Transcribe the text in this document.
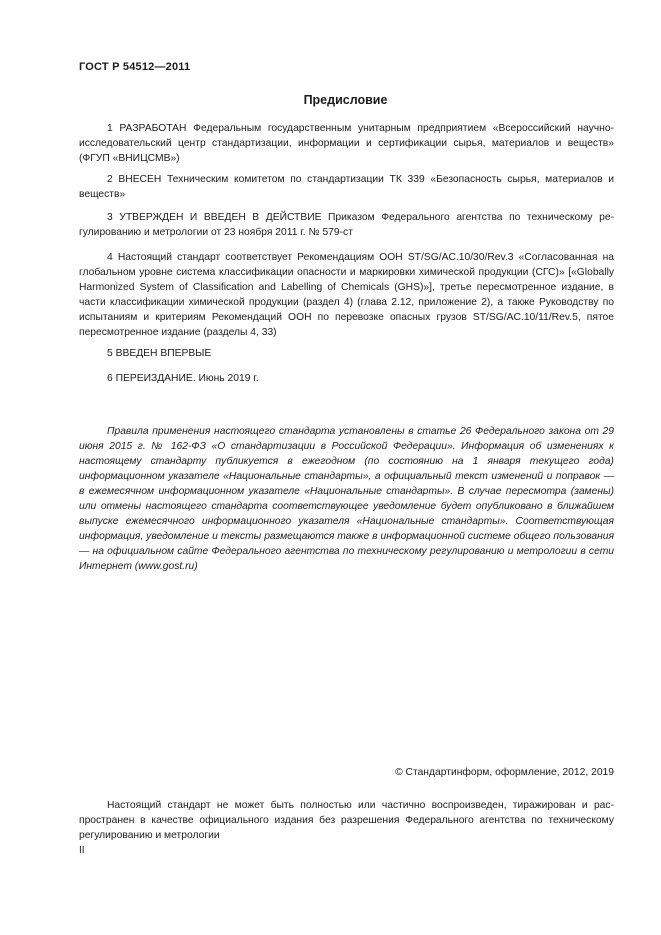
ГОСТ Р 54512—2011
Предисловие

1 РАЗРАБОТАН Федеральным государственным унитарным предприятием «Всероссийский научно-исследовательский центр стандартизации, информации и сертификации сырья, материалов и веществ» (ФГУП «ВНИЦСМВ»)

2 ВНЕСЕН Техническим комитетом по стандартизации ТК 339 «Безопасность сырья, материалов и веществ»

3 УТВЕРЖДЕН И ВВЕДЕН В ДЕЙСТВИЕ Приказом Федерального агентства по техническому регулированию и метрологии от 23 ноября 2011 г. № 579-ст

4 Настоящий стандарт соответствует Рекомендациям ООН ST/SG/AC.10/30/Rev.3 «Согласованная на глобальном уровне система классификации опасности и маркировки химической продукции (СГС)» [«Globally Harmonized System of Classification and Labelling of Chemicals (GHS)»], третье пересмотренное издание, в части классификации химической продукции (раздел 4) (глава 2.12, приложение 2), а также Руководству по испытаниям и критериям Рекомендаций ООН по перевозке опасных грузов ST/SG/AC.10/11/Rev.5, пятое пересмотренное издание (разделы 4, 33)

5 ВВЕДЕН ВПЕРВЫЕ

6 ПЕРЕИЗДАНИЕ. Июнь 2019 г.

Правила применения настоящего стандарта установлены в статье 26 Федерального закона от 29 июня 2015 г. № 162-ФЗ «О стандартизации в Российской Федерации». Информация об изменениях к настоящему стандарту публикуется в ежегодном (по состоянию на 1 января текущего года) информационном указателе «Национальные стандарты», а официальный текст изменений и поправок — в ежемесячном информационном указателе «Национальные стандарты». В случае пересмотра (замены) или отмены настоящего стандарта соответствующее уведомление будет опубликовано в ближайшем выпуске ежемесячного информационного указателя «Национальные стандарты». Соответствующая информация, уведомление и тексты размещаются также в информационной системе общего пользования — на официальном сайте Федерального агентства по техническому регулированию и метрологии в сети Интернет (www.gost.ru)

© Стандартинформ, оформление, 2012, 2019

Настоящий стандарт не может быть полностью или частично воспроизведен, тиражирован и распространен в качестве официального издания без разрешения Федерального агентства по техническому регулированию и метрологии

II
